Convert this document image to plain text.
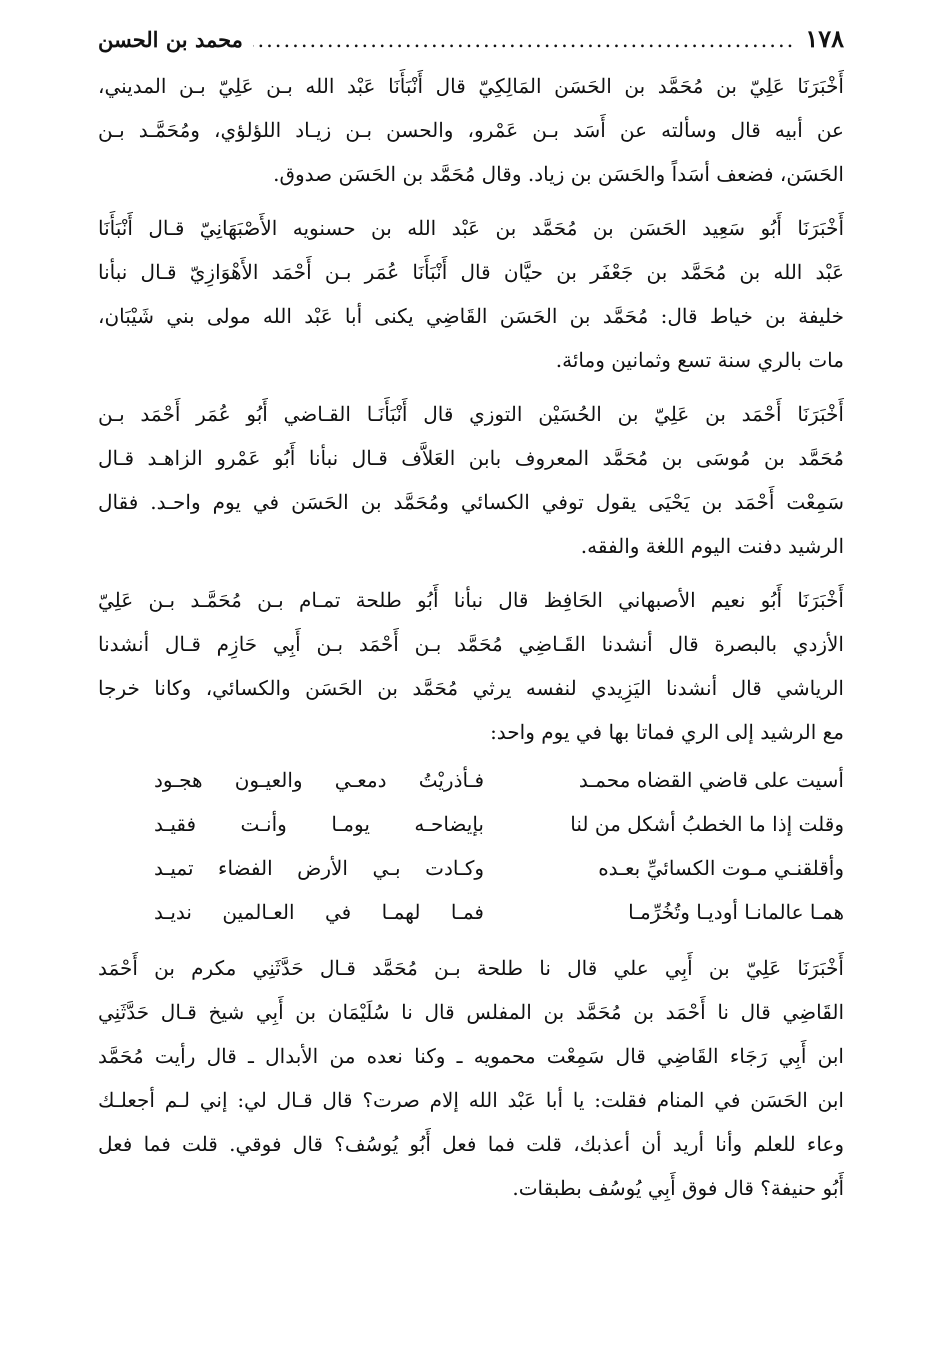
١٧٨
.....
محمد بن الحسن
أَخْبَرَنَا عَلِيّ بن مُحَمَّد بن الحَسَن المَالِكِيّ قال أَنْبَأَنَا عَبْد الله بـن عَلِيّ بـن المديني،
عن أبيه قال وسألته عن أَسَد بـن عَمْرو، والحسن بـن زيـاد اللؤلؤي، ومُحَمَّـد بـن
الحَسَن، فضعف أسَداً والحَسَن بن زياد. وقال مُحَمَّد بن الحَسَن صدوق.
أَخْبَرَنَا أَبُو سَعِيد الحَسَن بن مُحَمَّد بن عَبْد الله بن حسنويه الأَصْبَهَانِيّ قـال أَنْبَأَنَا
عَبْد الله بن مُحَمَّد بن جَعْفَر بن حيَّان قال أَنْبَأَنَا عُمَر بـن أَحْمَد الأَهْوَازِيّ قـال نبأنا
خليفة بن خياط قال: مُحَمَّد بن الحَسَن القَاضِي يكنى أبا عَبْد الله مولى بني شَيْبَان،
مات بالري سنة تسع وثمانين ومائة.
أَخْبَرَنَا أَحْمَد بن عَلِيّ بن الحُسَيْن التوزي قال أَنْبَأَنَـا القـاضي أَبُو عُمَر أَحْمَد بـن
مُحَمَّد بن مُوسَى بن مُحَمَّد المعروف بابن العَلاَّف قـال نبأنا أَبُو عَمْرو الزاهـد قـال
سَمِعْت أَحْمَد بن يَحْيَى يقول توفي الكسائي ومُحَمَّد بن الحَسَن في يوم واحـد. فقال
الرشيد دفنت اليوم اللغة والفقه.
أَخْبَرَنَا أَبُو نعيم الأصبهاني الحَافِظ قال نبأنا أَبُو طلحة تمـام بـن مُحَمَّـد بـن عَلِيّ
الأزدي بالبصرة قال أنشدنا القَـاضِي مُحَمَّد بـن أَحْمَد بـن أَبِي حَازِم قـال أنشدنا
الرياشي قال أنشدنا اليَزِيدي لنفسه يرثي مُحَمَّد بن الحَسَن والكسائي، وكانا خرجا
مع الرشيد إلى الري فماتا بها في يوم واحد:
أسيت على قاضي القضاه محمـد
فـأذريْتُ دمعـي والعيـون هجـود
وقلت إذا ما الخطبُ أشكل من لنا
بإيضاحـه يومـا وأنـت فقيـد
وأقلقنـي مـوت الكسائيِّ بعـده
وكـادت بـي الأرض الفضاء تميـد
همـا عالمانـا أوديـا وتُخُرِّمـا
فمـا لهمـا في العـالمين نديـد
أَخْبَرَنَا عَلِيّ بن أَبِي علي قال نا طلحة بـن مُحَمَّد قـال حَدَّثَنِي مكرم بن أَحْمَد
القَاضِي قال نا أَحْمَد بن مُحَمَّد بن المفلس قال نا سُلَيْمَان بن أَبِي شيخ قـال حَدَّثَنِي
ابن أَبِي رَجَاء القَاضِي قال سَمِعْت محمويه ـ وكنا نعده من الأبدال ـ قال رأيت مُحَمَّد
ابن الحَسَن في المنام فقلت: يا أبا عَبْد الله إلام صرت؟ قال قـال لي: إني لـم أجعلـك
وعاء للعلم وأنا أريد أن أعذبك، قلت فما فعل أَبُو يُوسُف؟ قال فوقي. قلت فما فعل
أَبُو حنيفة؟ قال فوق أَبِي يُوسُف بطبقات.
